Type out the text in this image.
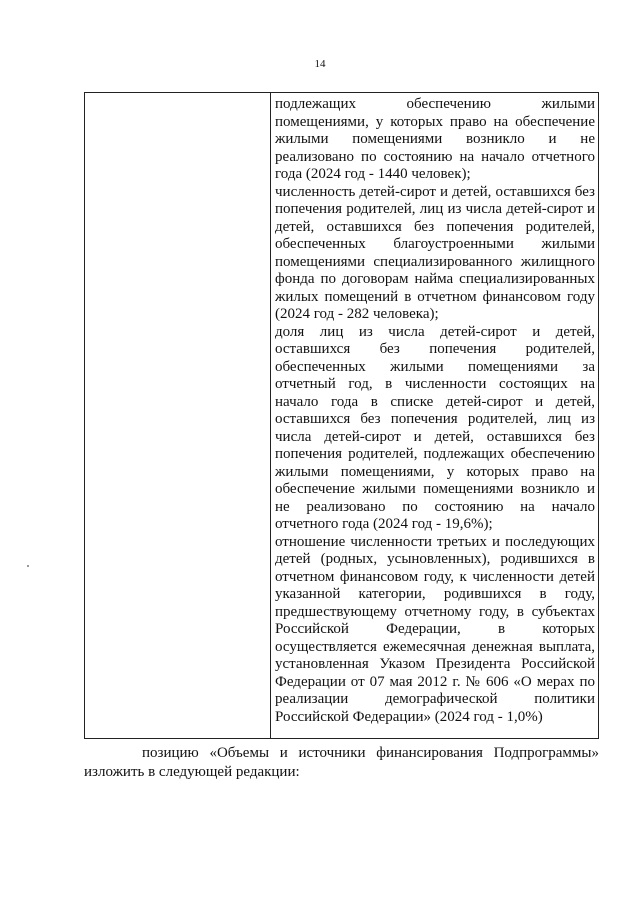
14

подлежащих обеспечению жилыми помещениями, у которых право на обеспечение жилыми помещениями возникло и не реализовано по состоянию на начало отчетного года (2024 год - 1440 человек);

численность детей-сирот и детей, оставшихся без попечения родителей, лиц из числа детей-сирот и детей, оставшихся без попечения родителей, обеспеченных благоустроенными жилыми помещениями специализированного жилищного фонда по договорам найма специализированных жилых помещений в отчетном финансовом году (2024 год - 282 человека);

доля лиц из числа детей-сирот и детей, оставшихся без попечения родителей, обеспеченных жилыми помещениями за отчетный год, в численности состоящих на начало года в списке детей-сирот и детей, оставшихся без попечения родителей, лиц из числа детей-сирот и детей, оставшихся без попечения родителей, подлежащих обеспечению жилыми помещениями, у которых право на обеспечение жилыми помещениями возникло и не реализовано по состоянию на начало отчетного года (2024 год - 19,6%);

отношение численности третьих и последующих детей (родных, усыновленных), родившихся в отчетном финансовом году, к численности детей указанной категории, родившихся в году, предшествующему отчетному году, в субъектах Российской Федерации, в которых осуществляется ежемесячная денежная выплата, установленная Указом Президента Российской Федерации от 07 мая 2012 г. № 606 «О мерах по реализации демографической политики Российской Федерации» (2024 год - 1,0%)

позицию «Объемы и источники финансирования Подпрограммы» изложить в следующей редакции:
